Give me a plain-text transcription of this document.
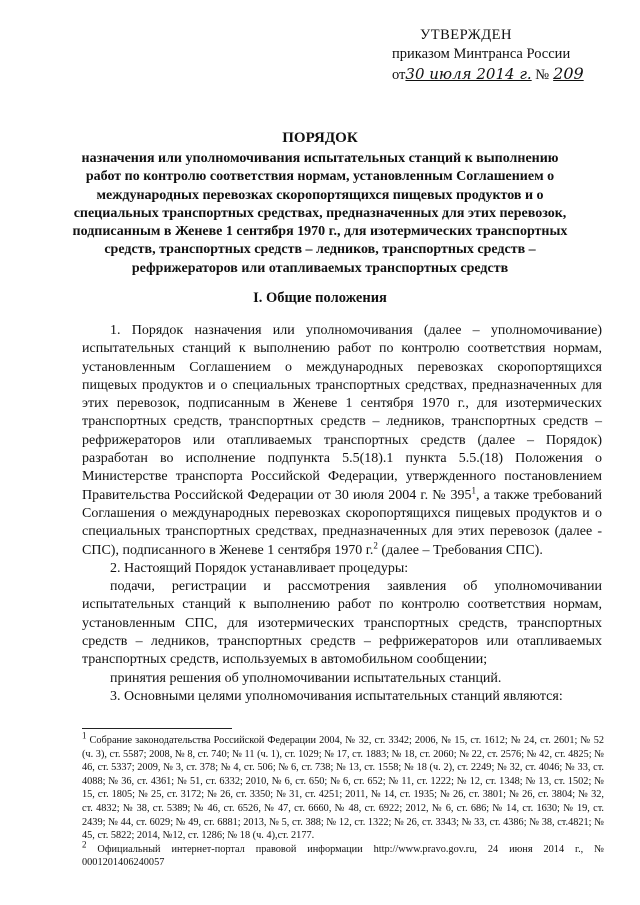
УТВЕРЖДЕН
приказом Минтранса России
от30 июля 2014 г. № 209
ПОРЯДОК
назначения или уполномочивания испытательных станций к выполнению работ по контролю соответствия нормам, установленным Соглашением о международных перевозках скоропортящихся пищевых продуктов и о специальных транспортных средствах, предназначенных для этих перевозок, подписанным в Женеве 1 сентября 1970 г., для изотермических транспортных средств, транспортных средств – ледников, транспортных средств – рефрижераторов или отапливаемых транспортных средств
I. Общие положения

1. Порядок назначения или уполномочивания (далее – уполномочивание) испытательных станций к выполнению работ по контролю соответствия нормам, установленным Соглашением о международных перевозках скоропортящихся пищевых продуктов и о специальных транспортных средствах, предназначенных для этих перевозок, подписанным в Женеве 1 сентября 1970 г., для изотермических транспортных средств, транспортных средств – ледников, транспортных средств – рефрижераторов или отапливаемых транспортных средств (далее – Порядок) разработан во исполнение подпункта 5.5(18).1 пункта 5.5.(18) Положения о Министерстве транспорта Российской Федерации, утвержденного постановлением Правительства Российской Федерации от 30 июля 2004 г. № $395^1$, а также требований Соглашения о международных перевозках скоропортящихся пищевых продуктов и о специальных транспортных средствах, предназначенных для этих перевозок (далее - СПС), подписанного в Женеве 1 сентября 1970 г.$^2$ (далее – Требования СПС).

2. Настоящий Порядок устанавливает процедуры:

подачи, регистрации и рассмотрения заявления об уполномочивании испытательных станций к выполнению работ по контролю соответствия нормам, установленным СПС, для изотермических транспортных средств, транспортных средств – ледников, транспортных средств – рефрижераторов или отапливаемых транспортных средств, используемых в автомобильном сообщении;

принятия решения об уполномочивании испытательных станций.

3. Основными целями уполномочивания испытательных станций являются:

$^1$ Собрание законодательства Российской Федерации 2004, № 32, ст. 3342; 2006, № 15, ст. 1612; № 24, ст. 2601; № 52 (ч. 3), ст. 5587; 2008, № 8, ст. 740; № 11 (ч. 1), ст. 1029; № 17, ст. 1883; № 18, ст. 2060; № 22, ст. 2576; № 42, ст. 4825; № 46, ст. 5337; 2009, № 3, ст. 378; № 4, ст. 506; № 6, ст. 738; № 13, ст. 1558; № 18 (ч. 2), ст. 2249; № 32, ст. 4046; № 33, ст. 4088; № 36, ст. 4361; № 51, ст. 6332; 2010, № 6, ст. 650; № 6, ст. 652; № 11, ст. 1222; № 12, ст. 1348; № 13, ст. 1502; № 15, ст. 1805; № 25, ст. 3172; № 26, ст. 3350; № 31, ст. 4251; 2011, № 14, ст. 1935; № 26, ст. 3801; № 26, ст. 3804; № 32, ст. 4832; № 38, ст. 5389; № 46, ст. 6526, № 47, ст. 6660, № 48, ст. 6922; 2012, № 6, ст. 686; № 14, ст. 1630; № 19, ст. 2439; № 44, ст. 6029; № 49, ст. 6881; 2013, № 5, ст. 388; № 12, ст. 1322; № 26, ст. 3343; № 33, ст. 4386; № 38, ст.4821; № 45, ст. 5822; 2014, №12, ст. 1286; № 18 (ч. 4),ст. 2177.

$^2$ Официальный интернет-портал правовой информации http://www.pravo.gov.ru, 24 июня 2014 г., № 0001201406240057
